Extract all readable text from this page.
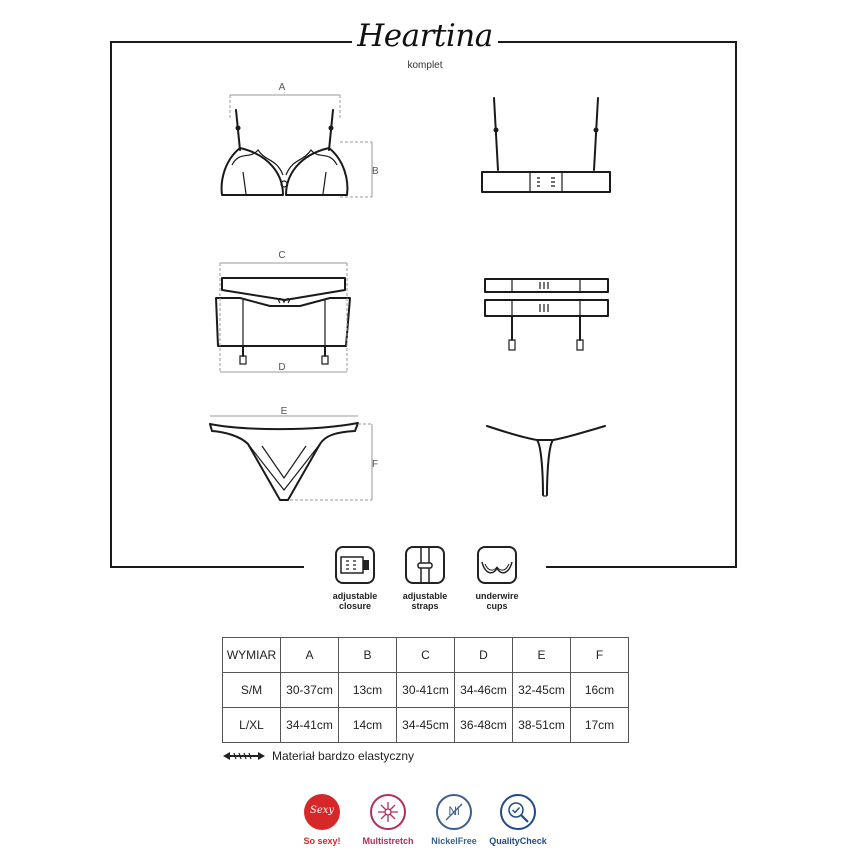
Heartina
komplet
A
B
C
D
E
F
adjustable
closure
adjustable
straps
underwire
cups
WYMIAR	A	B	C	D	E	F
S/M	30-37cm	13cm	30-41cm	34-46cm	32-45cm	16cm
L/XL	34-41cm	14cm	34-45cm	36-48cm	38-51cm	17cm
Materiał bardzo elastyczny
Sexy
So sexy!	Multistretch
Ni
NickelFree	QualityCheck
